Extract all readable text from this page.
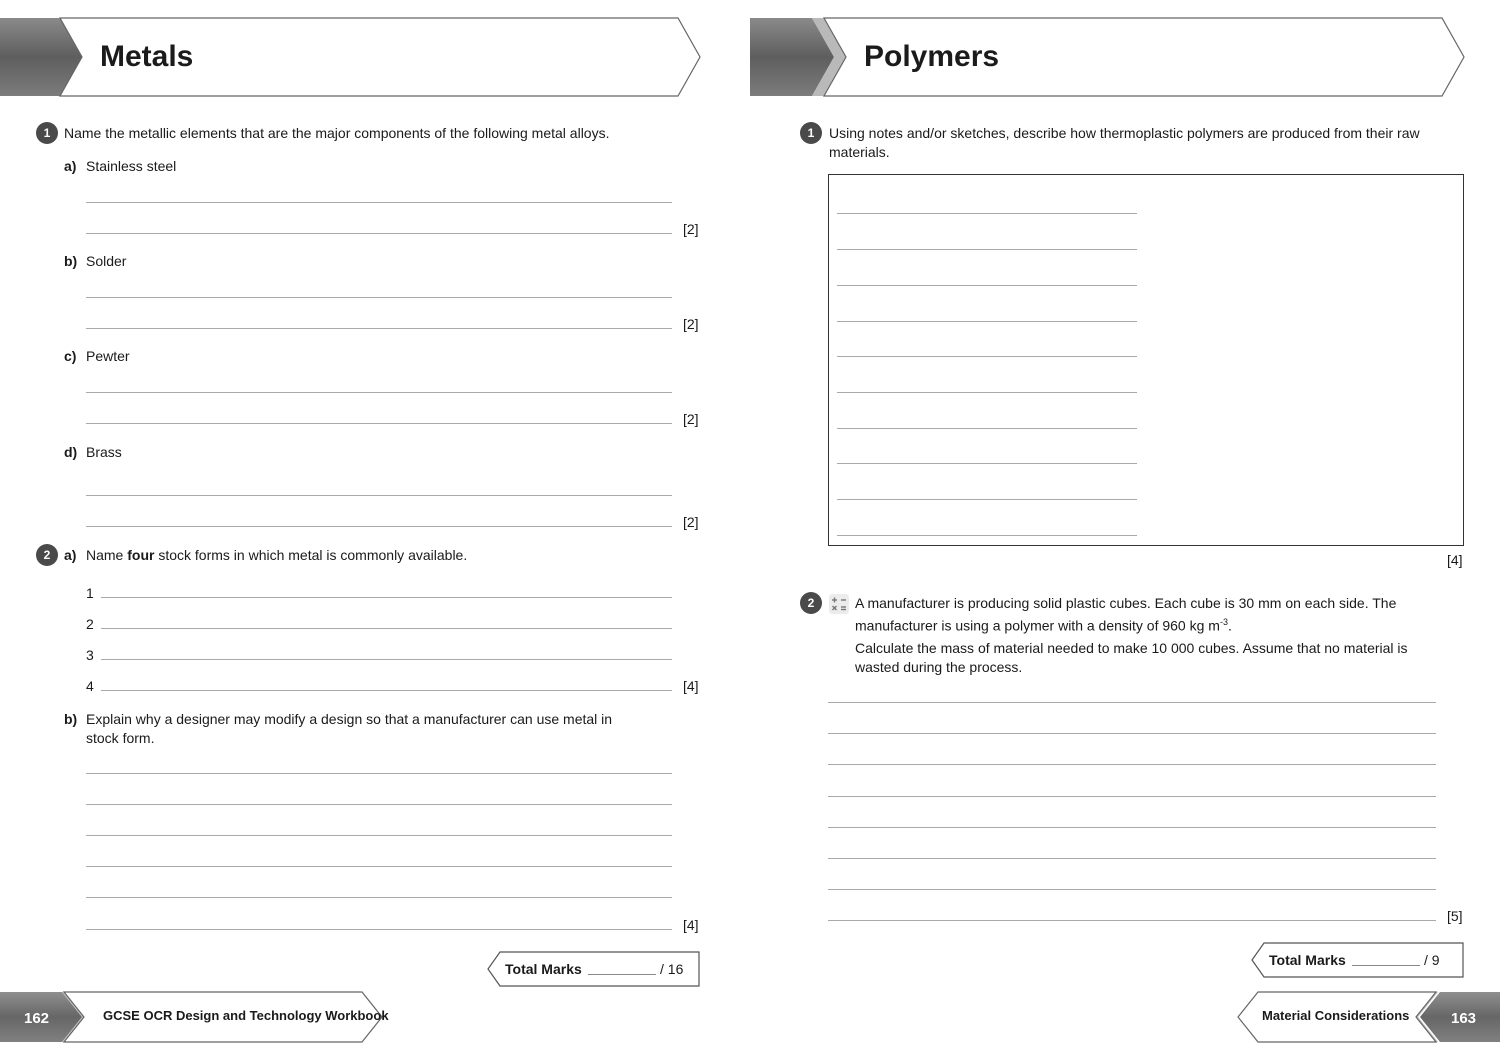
Metals
1 Name the metallic elements that are the major components of the following metal alloys.
a) Stainless steel
[2]
b) Solder
[2]
c) Pewter
[2]
d) Brass
[2]
2 a) Name four stock forms in which metal is commonly available.
1
2
3
4	[4]
b) Explain why a designer may modify a design so that a manufacturer can use metal in stock form.
[4]
Total Marks	/ 16
162	GCSE OCR Design and Technology Workbook
Polymers
1	Using notes and/or sketches, describe how thermoplastic polymers are produced from their raw materials.
[4]
2	A manufacturer is producing solid plastic cubes. Each cube is 30 mm on each side. The manufacturer is using a polymer with a density of 960 kg $m^{-3}$.
Calculate the mass of material needed to make 10 000 cubes. Assume that no material is wasted during the process.
[5]
Total Marks	/ 9
Material Considerations	163
